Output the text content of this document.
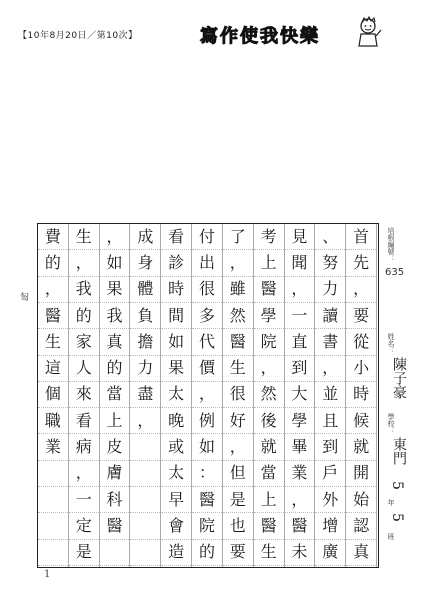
【10年8月20日／第10次】	寫作使我快樂
匋
首
先
，
要
從
小
時
候
就
開
始
認
真
、
努
力
讀
書
，
並
且
到
戶
外
增
廣
見
聞
，
一
直
到
大
學
畢
業
，
醫
未
考
上
醫
學
院
，
然
後
就
當
上
醫
生
了
，
雖
然
醫
生
很
好
，
但
是
也
要
付
出
很
多
代
價
，
例
如
：
醫
院
的
看
診
時
間
如
果
太
晚
或
太
早
會
造
成
身
體
負
擔
力
盡
，
，
如
果
我
真
的
當
上
皮
膚
科
醫
生
，
我
的
家
人
來
看
病
，
一
定
是
費
的
，
醫
生
這
個
職
業
培根編號：
635
姓名：
陳子豪
學校：
東門
5
年
5
班
1
